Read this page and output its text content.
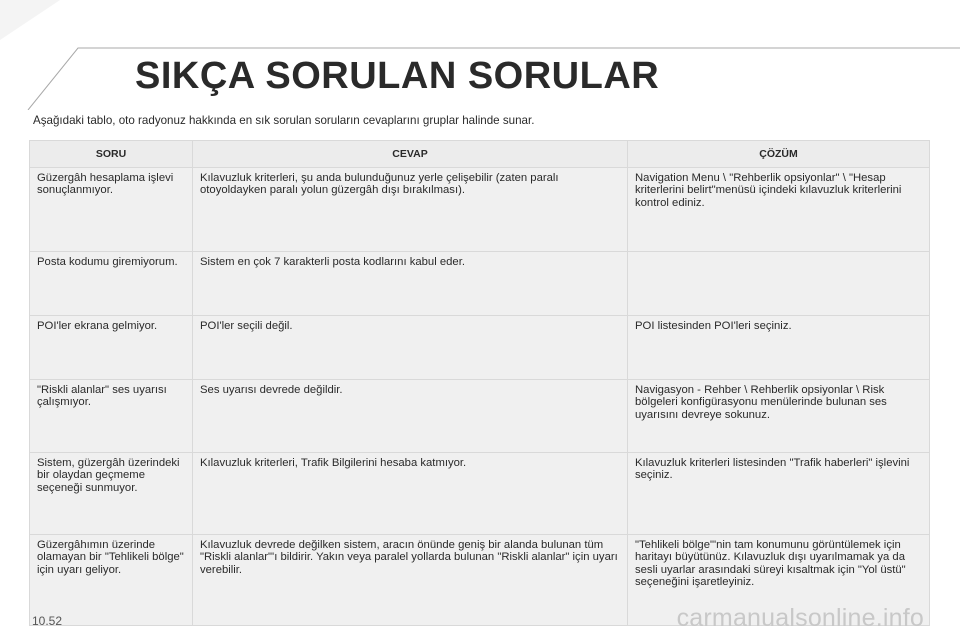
SIKÇA SORULAN SORULAR
Aşağıdaki tablo, oto radyonuz hakkında en sık sorulan soruların cevaplarını gruplar halinde sunar.
SORU	CEVAP	ÇÖZÜM
Güzergâh hesaplama işlevi sonuçlanmıyor.	Kılavuzluk kriterleri, şu anda bulunduğunuz yerle çelişebilir (zaten paralı otoyoldayken paralı yolun güzergâh dışı bırakılması).	Navigation Menu \ "Rehberlik opsiyonlar" \ "Hesap kriterlerini belirt"menüsü içindeki kılavuzluk kriterlerini kontrol ediniz.
Posta kodumu giremiyorum.	Sistem en çok 7 karakterli posta kodlarını kabul eder.	
POI'ler ekrana gelmiyor.	POI'ler seçili değil.	POI listesinden POI'leri seçiniz.
"Riskli alanlar" ses uyarısı çalışmıyor.	Ses uyarısı devrede değildir.	Navigasyon - Rehber \ Rehberlik opsiyonlar \ Risk bölgeleri konfigürasyonu menülerinde bulunan ses uyarısını devreye sokunuz.
Sistem, güzergâh üzerindeki bir olaydan geçmeme seçeneği sunmuyor.	Kılavuzluk kriterleri, Trafik Bilgilerini hesaba katmıyor.	Kılavuzluk kriterleri listesinden "Trafik haberleri" işlevini seçiniz.
Güzergâhımın üzerinde olamayan bir "Tehlikeli bölge" için uyarı geliyor.	Kılavuzluk devrede değilken sistem, aracın önünde geniş bir alanda bulunan tüm "Riskli alanlar"'ı bildirir. Yakın veya paralel yollarda bulunan "Riskli alanlar" için uyarı verebilir.	"Tehlikeli bölge"'nin tam konumunu görüntülemek için haritayı büyütünüz. Kılavuzluk dışı uyarılmamak ya da sesli uyarlar arasındaki süreyi kısaltmak için "Yol üstü" seçeneğini işaretleyiniz.
10.52	carmanualsonline.info
